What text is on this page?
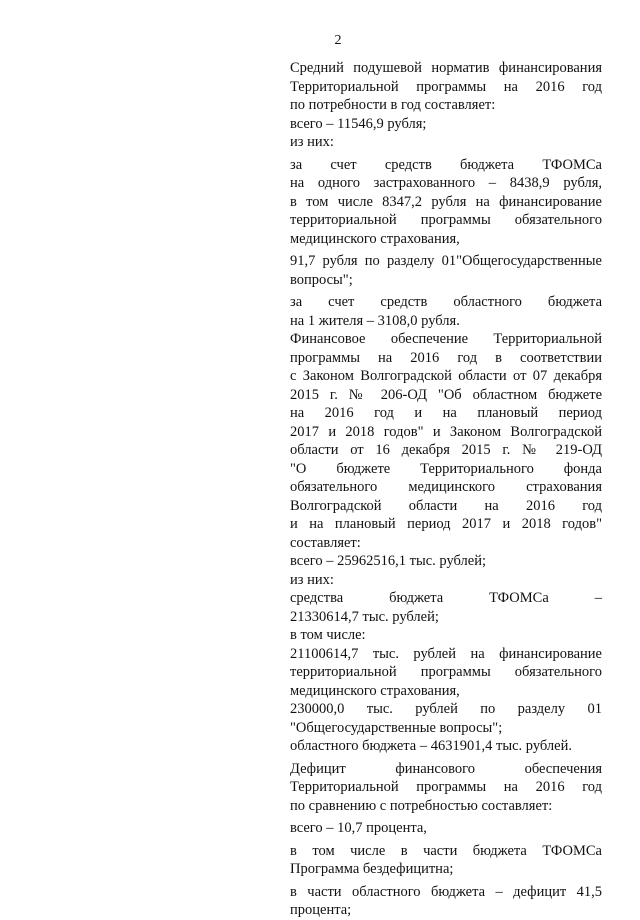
2

Средний подушевой норматив финансирования
Территориальной программы на 2016 год
по потребности в год составляет:

всего – 11546,9 рубля;

из них:

за счет средств бюджета ТФОМСа
на одного застрахованного – 8438,9 рубля,
в том числе 8347,2 рубля на финансирование
территориальной программы обязательного
медицинского страхования,

91,7 рубля по разделу 01"Общегосударственные
вопросы";

за счет средств областного бюджета
на 1 жителя – 3108,0 рубля.

Финансовое обеспечение Территориальной
программы на 2016 год в соответствии
с Законом Волгоградской области от 07 декабря
2015 г. № 206-ОД "Об областном бюджете
на 2016 год и на плановый период
2017 и 2018 годов" и Законом Волгоградской
области от 16 декабря 2015 г. № 219-ОД
"О бюджете Территориального фонда
обязательного медицинского страхования
Волгоградской области на 2016 год
и на плановый период 2017 и 2018 годов"
составляет:

всего – 25962516,1 тыс. рублей;

из них:

средства бюджета ТФОМСа –
21330614,7 тыс. рублей;

в том числе:

21100614,7 тыс. рублей на финансирование
территориальной программы обязательного
медицинского страхования,

230000,0 тыс. рублей по разделу 01
"Общегосударственные вопросы";

областного бюджета – 4631901,4 тыс. рублей.

Дефицит финансового обеспечения
Территориальной программы на 2016 год
по сравнению с потребностью составляет:

всего – 10,7 процента,

в том числе в части бюджета ТФОМСа
Программа бездефицитна;

в части областного бюджета – дефицит 41,5
процента;
